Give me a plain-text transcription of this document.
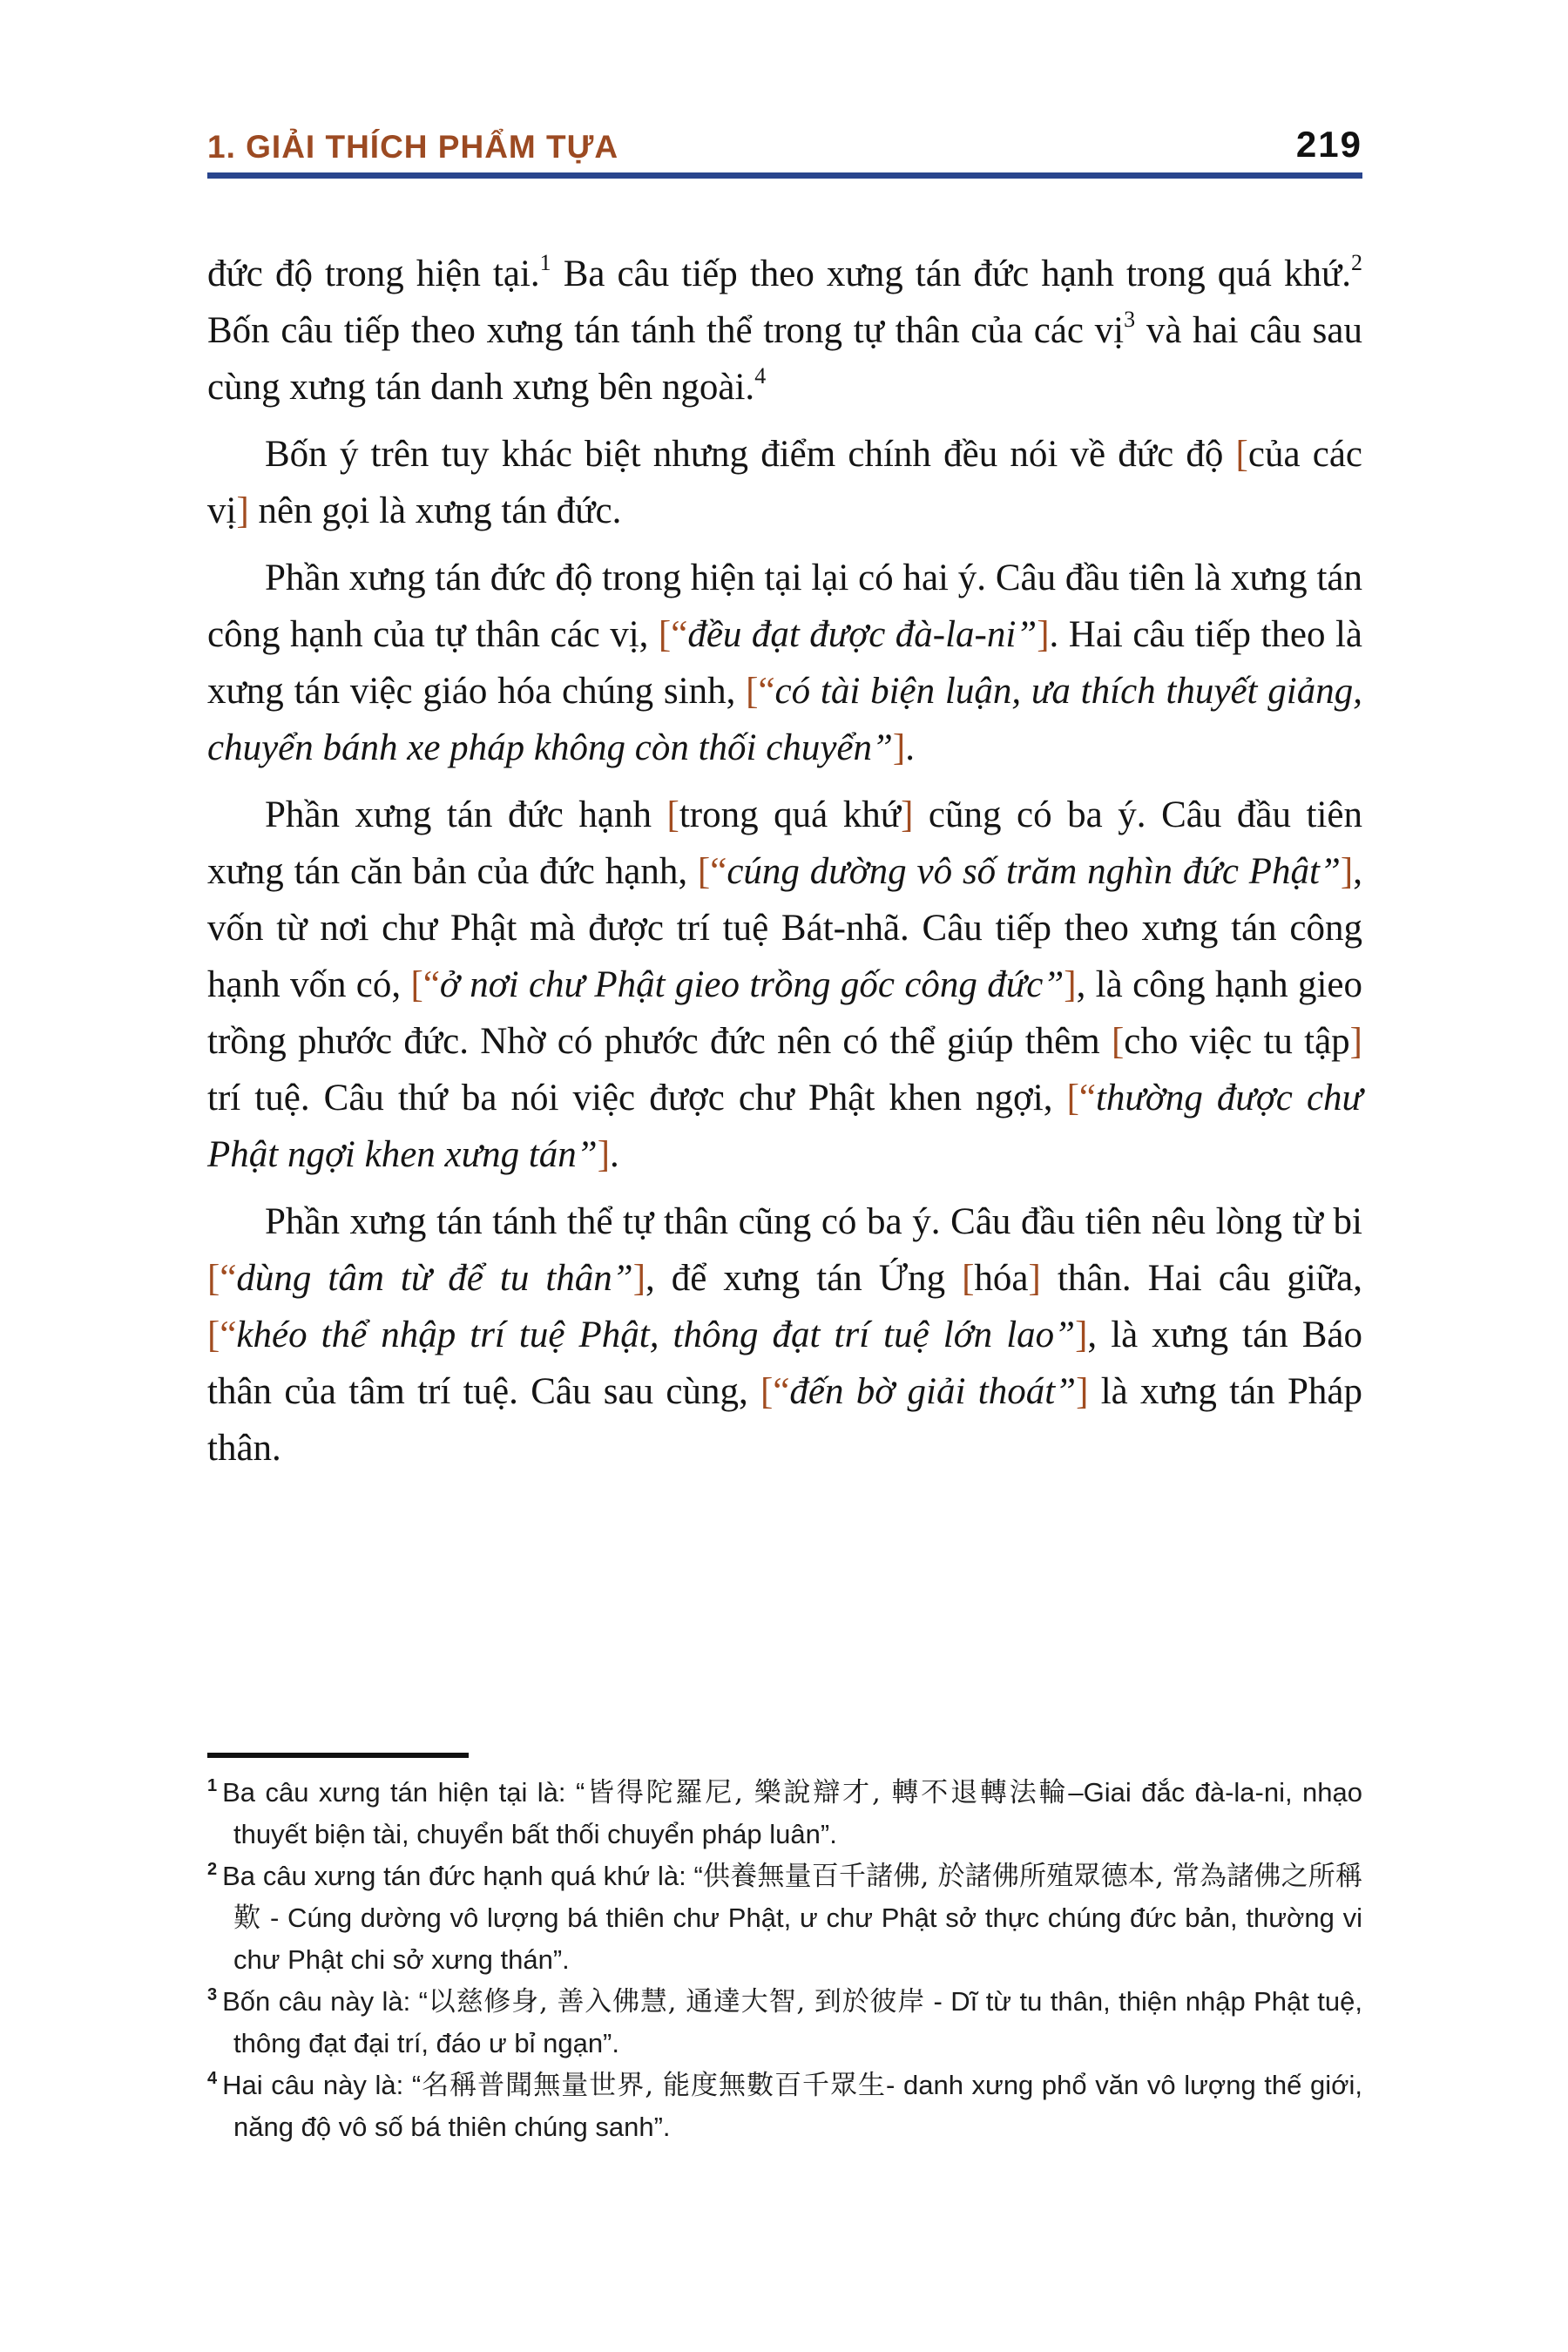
1. GIẢI THÍCH PHẨM TỰA	219

đức độ trong hiện tại.$^1$ Ba câu tiếp theo xưng tán đức hạnh trong quá khứ.$^2$ Bốn câu tiếp theo xưng tán tánh thể trong tự thân của các vị$^3$ và hai câu sau cùng xưng tán danh xưng bên ngoài.$^4$

Bốn ý trên tuy khác biệt nhưng điểm chính đều nói về đức độ [của các vị] nên gọi là xưng tán đức.

Phần xưng tán đức độ trong hiện tại lại có hai ý. Câu đầu tiên là xưng tán công hạnh của tự thân các vị, [“đều đạt được đà-la-ni”]. Hai câu tiếp theo là xưng tán việc giáo hóa chúng sinh, [“có tài biện luận, ưa thích thuyết giảng, chuyển bánh xe pháp không còn thối chuyển”].

Phần xưng tán đức hạnh [trong quá khứ] cũng có ba ý. Câu đầu tiên xưng tán căn bản của đức hạnh, [“cúng dường vô số trăm nghìn đức Phật”], vốn từ nơi chư Phật mà được trí tuệ Bát-nhã. Câu tiếp theo xưng tán công hạnh vốn có, [“ở nơi chư Phật gieo trồng gốc công đức”], là công hạnh gieo trồng phước đức. Nhờ có phước đức nên có thể giúp thêm [cho việc tu tập] trí tuệ. Câu thứ ba nói việc được chư Phật khen ngợi, [“thường được chư Phật ngợi khen xưng tán”].

Phần xưng tán tánh thể tự thân cũng có ba ý. Câu đầu tiên nêu lòng từ bi [“dùng tâm từ để tu thân”], để xưng tán Ứng [hóa] thân. Hai câu giữa, [“khéo thể nhập trí tuệ Phật, thông đạt trí tuệ lớn lao”], là xưng tán Báo thân của tâm trí tuệ. Câu sau cùng, [“đến bờ giải thoát”] là xưng tán Pháp thân.

$^1$ Ba câu xưng tán hiện tại là: “皆得陀羅尼, 樂說辯才, 轉不退轉法輪–Giai đắc đà-la-ni, nhạo thuyết biện tài, chuyển bất thối chuyển pháp luân”.
$^2$ Ba câu xưng tán đức hạnh quá khứ là: “供養無量百千諸佛, 於諸佛所殖眾德本, 常為諸佛之所稱歎 - Cúng dường vô lượng bá thiên chư Phật, ư chư Phật sở thực chúng đức bản, thường vi chư Phật chi sở xưng thán”.
$^3$ Bốn câu này là: “以慈修身, 善入佛慧, 通達大智, 到於彼岸 - Dĩ từ tu thân, thiện nhập Phật tuệ, thông đạt đại trí, đáo ư bỉ ngạn”.
$^4$ Hai câu này là: “名稱普聞無量世界, 能度無數百千眾生- danh xưng phổ văn vô lượng thế giới, năng độ vô số bá thiên chúng sanh”.
